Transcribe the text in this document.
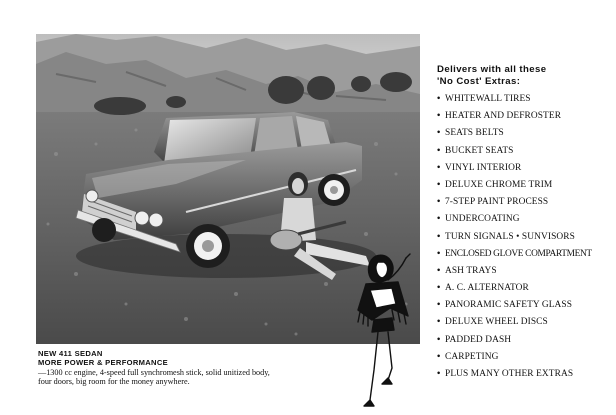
NEW 411 SEDAN
MORE POWER & PERFORMANCE
—1300 cc engine, 4-speed full synchromesh stick, solid unitized body,
four doors, big room for the money anywhere.
Delivers with all these
'No Cost' Extras:
• WHITEWALL TIRES
• HEATER AND DEFROSTER
• SEATS BELTS
• BUCKET SEATS
• VINYL INTERIOR
• DELUXE CHROME TRIM
• 7-STEP PAINT PROCESS
• UNDERCOATING
• TURN SIGNALS • SUNVISORS
• ENCLOSED GLOVE COMPARTMENT
• ASH TRAYS
• A. C. ALTERNATOR
• PANORAMIC SAFETY GLASS
• DELUXE WHEEL DISCS
• PADDED DASH
• CARPETING
• PLUS MANY OTHER EXTRAS
